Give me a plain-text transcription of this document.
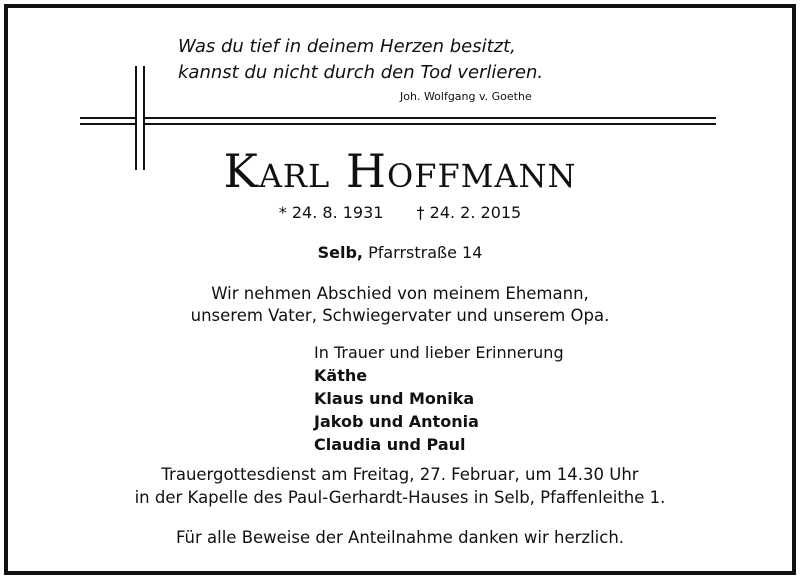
Was du tief in deinem Herzen besitzt,
kannst du nicht durch den Tod verlieren.
Joh. Wolfgang v. Goethe
Karl Hoffmann
* 24. 8. 1931 † 24. 2. 2015
Selb, Pfarrstraße 14
Wir nehmen Abschied von meinem Ehemann,
unserem Vater, Schwiegervater und unserem Opa.
In Trauer und lieber Erinnerung
Käthe
Klaus und Monika
Jakob und Antonia
Claudia und Paul
Trauergottesdienst am Freitag, 27. Februar, um 14.30 Uhr
in der Kapelle des Paul-Gerhardt-Hauses in Selb, Pfaffenleithe 1.
Für alle Beweise der Anteilnahme danken wir herzlich.
